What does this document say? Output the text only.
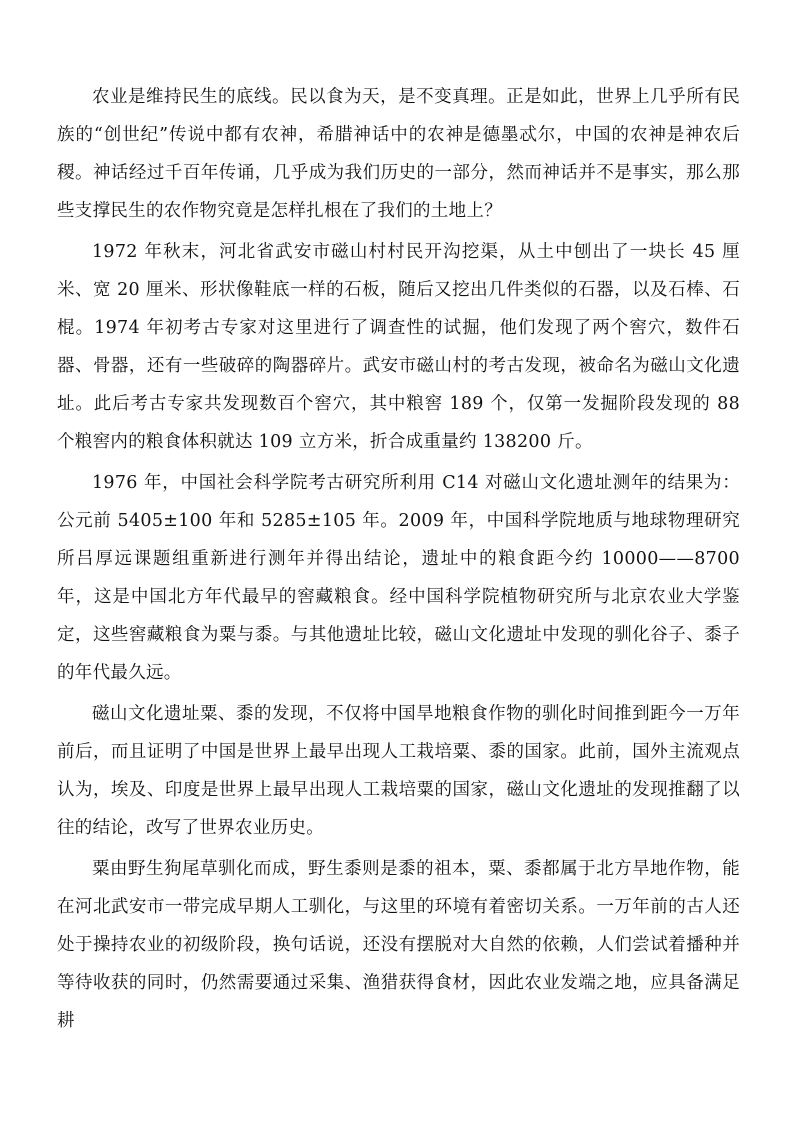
农业是维持民生的底线。民以食为天，是不变真理。正是如此，世界上几乎所有民族的“创世纪”传说中都有农神，希腊神话中的农神是德墨忒尔，中国的农神是神农后稷。神话经过千百年传诵，几乎成为我们历史的一部分，然而神话并不是事实，那么那些支撑民生的农作物究竟是怎样扎根在了我们的土地上？

1972 年秋末，河北省武安市磁山村村民开沟挖渠，从土中刨出了一块长 45 厘米、宽 20 厘米、形状像鞋底一样的石板，随后又挖出几件类似的石器，以及石棒、石棍。1974 年初考古专家对这里进行了调查性的试掘，他们发现了两个窖穴，数件石器、骨器，还有一些破碎的陶器碎片。武安市磁山村的考古发现，被命名为磁山文化遗址。此后考古专家共发现数百个窖穴，其中粮窖 189 个，仅第一发掘阶段发现的 88 个粮窖内的粮食体积就达 109 立方米，折合成重量约 138200 斤。

1976 年，中国社会科学院考古研究所利用 C14 对磁山文化遗址测年的结果为：公元前 5405±100 年和 5285±105 年。2009 年，中国科学院地质与地球物理研究所吕厚远课题组重新进行测年并得出结论，遗址中的粮食距今约 10000——8700 年，这是中国北方年代最早的窖藏粮食。经中国科学院植物研究所与北京农业大学鉴定，这些窖藏粮食为粟与黍。与其他遗址比较，磁山文化遗址中发现的驯化谷子、黍子的年代最久远。

磁山文化遗址粟、黍的发现，不仅将中国旱地粮食作物的驯化时间推到距今一万年前后，而且证明了中国是世界上最早出现人工栽培粟、黍的国家。此前，国外主流观点认为，埃及、印度是世界上最早出现人工栽培粟的国家，磁山文化遗址的发现推翻了以往的结论，改写了世界农业历史。

粟由野生狗尾草驯化而成，野生黍则是黍的祖本，粟、黍都属于北方旱地作物，能在河北武安市一带完成早期人工驯化，与这里的环境有着密切关系。一万年前的古人还处于操持农业的初级阶段，换句话说，还没有摆脱对大自然的依赖，人们尝试着播种并等待收获的同时，仍然需要通过采集、渔猎获得食材，因此农业发端之地，应具备满足耕
